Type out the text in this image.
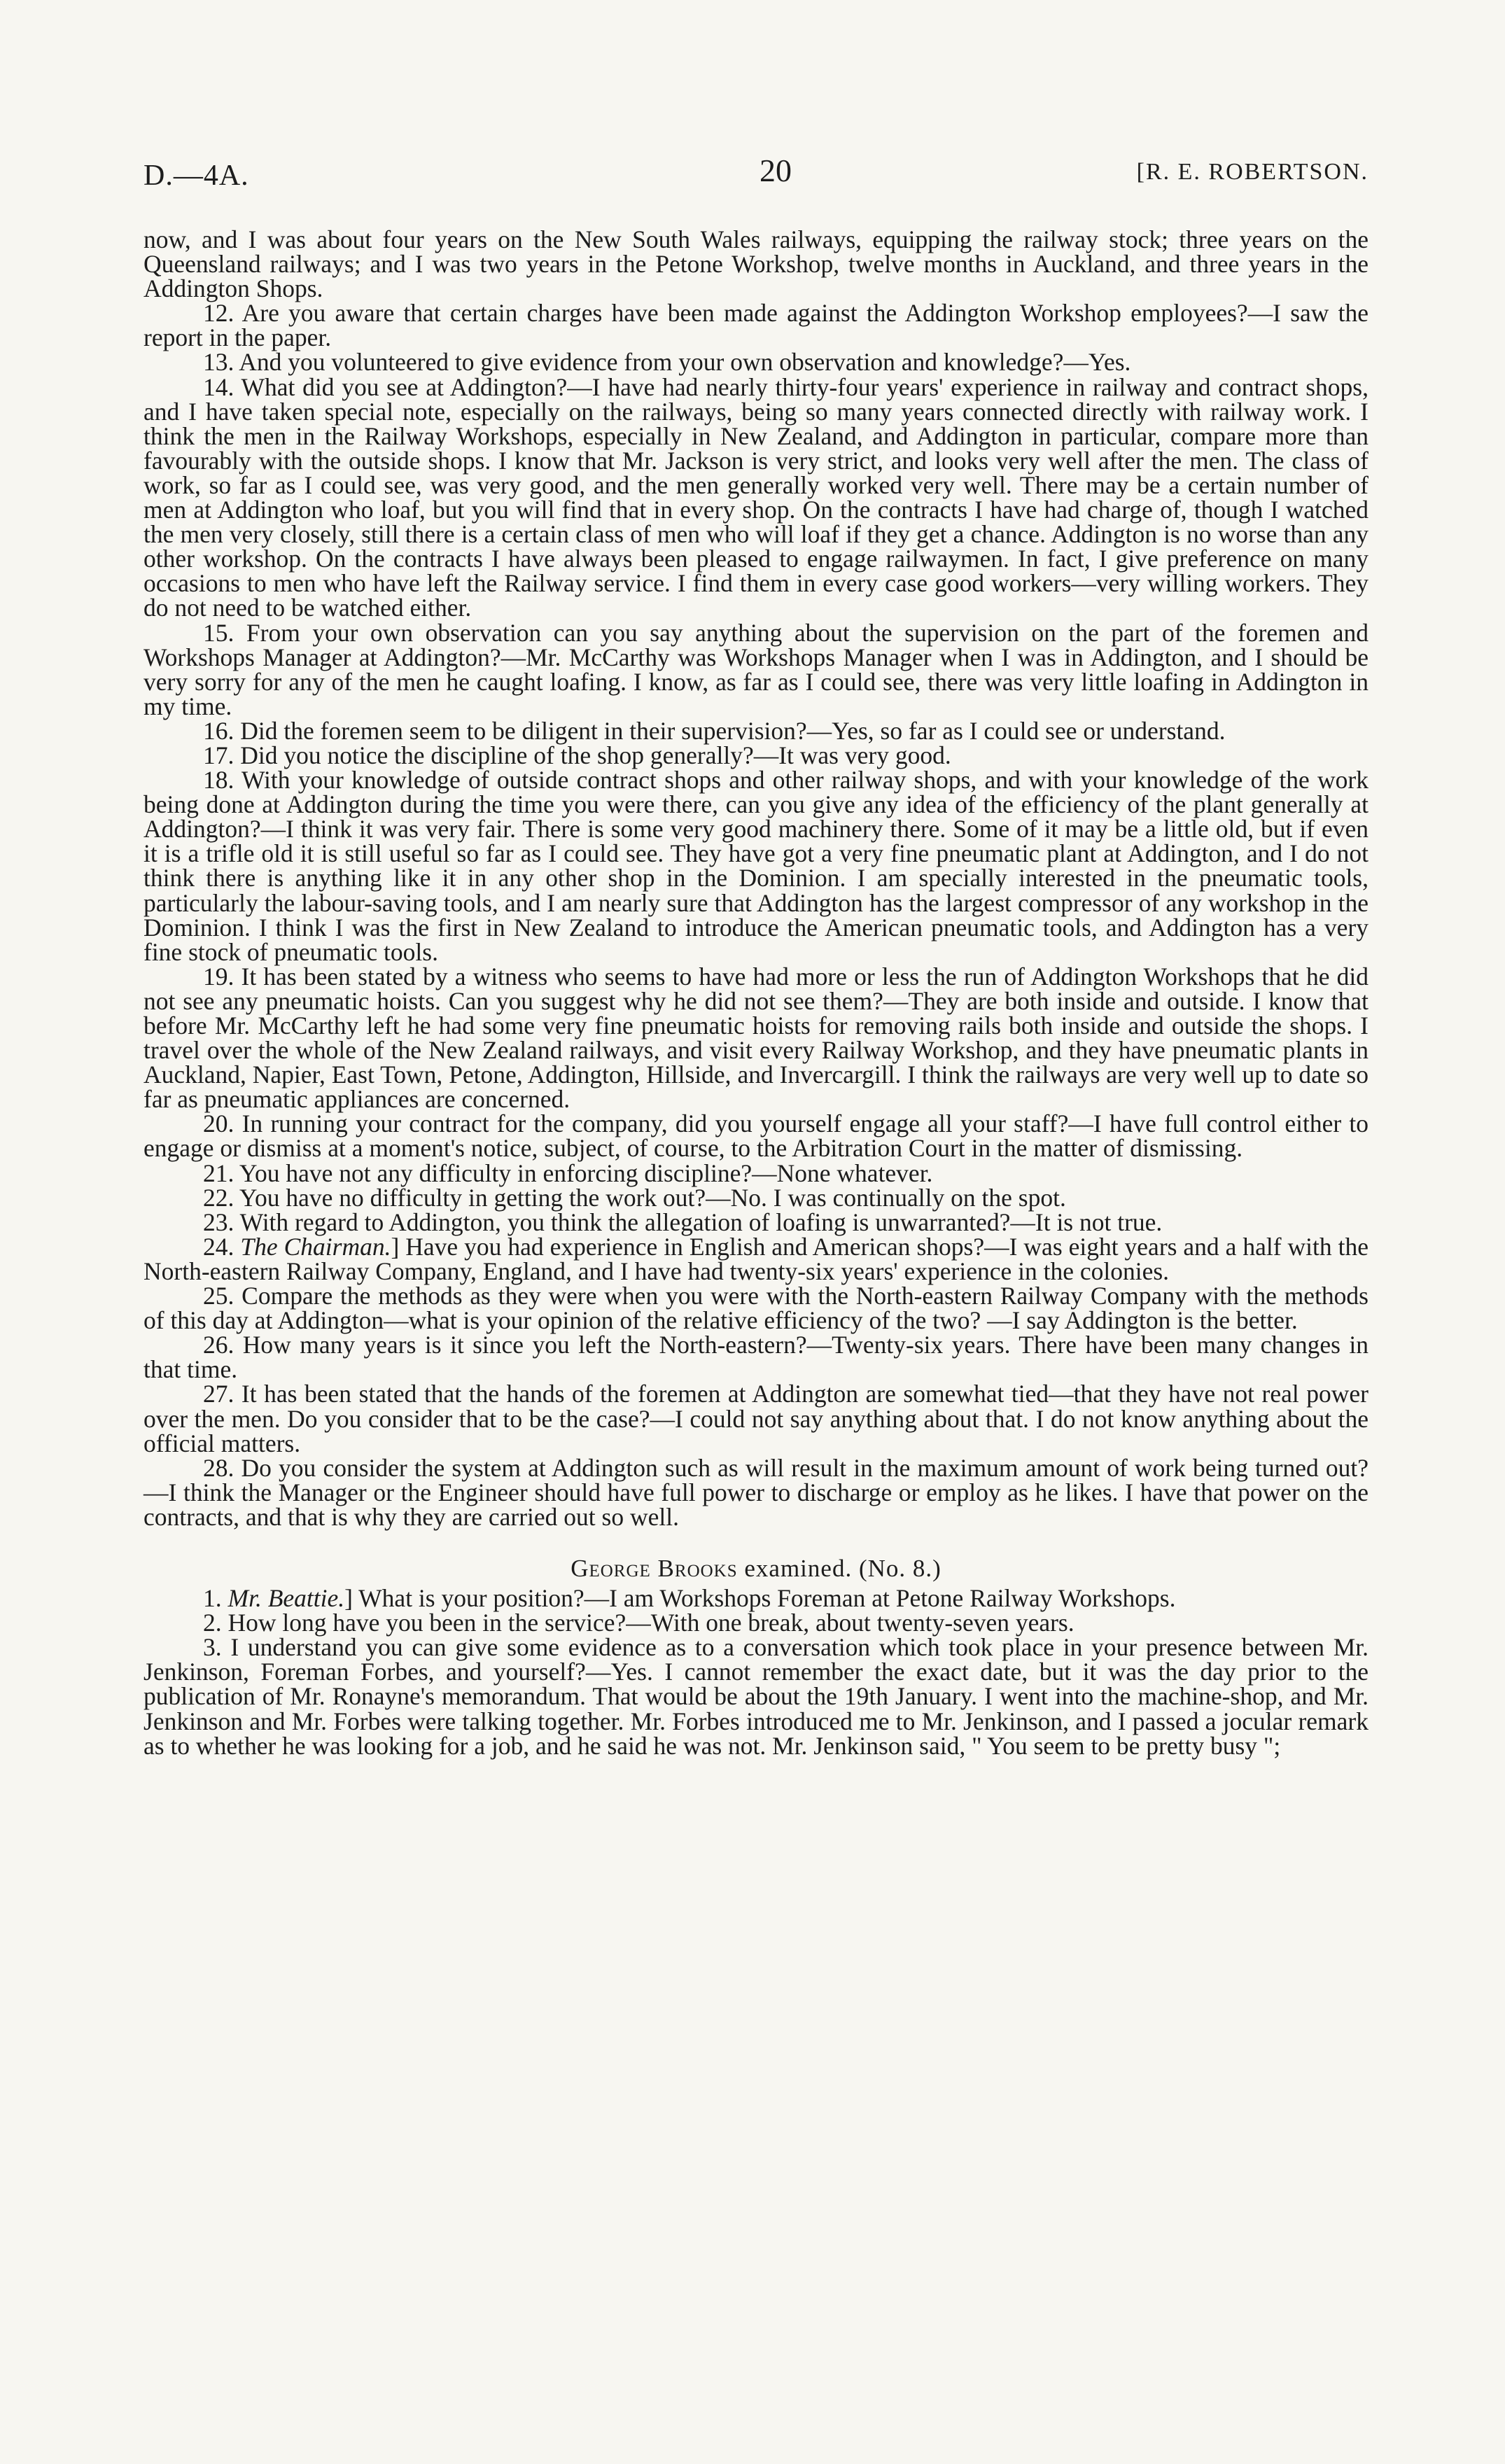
D.—4A.	20	[R. E. ROBERTSON.

now, and I was about four years on the New South Wales railways, equipping the railway stock; three years on the Queensland railways; and I was two years in the Petone Workshop, twelve months in Auckland, and three years in the Addington Shops.

12. Are you aware that certain charges have been made against the Addington Workshop employees?—I saw the report in the paper.

13. And you volunteered to give evidence from your own observation and knowledge?—Yes.

14. What did you see at Addington?—I have had nearly thirty-four years' experience in railway and contract shops, and I have taken special note, especially on the railways, being so many years connected directly with railway work. I think the men in the Railway Workshops, especially in New Zealand, and Addington in particular, compare more than favourably with the outside shops. I know that Mr. Jackson is very strict, and looks very well after the men. The class of work, so far as I could see, was very good, and the men generally worked very well. There may be a certain number of men at Addington who loaf, but you will find that in every shop. On the contracts I have had charge of, though I watched the men very closely, still there is a certain class of men who will loaf if they get a chance. Addington is no worse than any other workshop. On the contracts I have always been pleased to engage railwaymen. In fact, I give preference on many occasions to men who have left the Railway service. I find them in every case good workers—very willing workers. They do not need to be watched either.

15. From your own observation can you say anything about the supervision on the part of the foremen and Workshops Manager at Addington?—Mr. McCarthy was Workshops Manager when I was in Addington, and I should be very sorry for any of the men he caught loafing. I know, as far as I could see, there was very little loafing in Addington in my time.

16. Did the foremen seem to be diligent in their supervision?—Yes, so far as I could see or understand.

17. Did you notice the discipline of the shop generally?—It was very good.

18. With your knowledge of outside contract shops and other railway shops, and with your knowledge of the work being done at Addington during the time you were there, can you give any idea of the efficiency of the plant generally at Addington?—I think it was very fair. There is some very good machinery there. Some of it may be a little old, but if even it is a trifle old it is still useful so far as I could see. They have got a very fine pneumatic plant at Addington, and I do not think there is anything like it in any other shop in the Dominion. I am specially interested in the pneumatic tools, particularly the labour-saving tools, and I am nearly sure that Addington has the largest compressor of any workshop in the Dominion. I think I was the first in New Zealand to introduce the American pneumatic tools, and Addington has a very fine stock of pneumatic tools.

19. It has been stated by a witness who seems to have had more or less the run of Addington Workshops that he did not see any pneumatic hoists. Can you suggest why he did not see them?—They are both inside and outside. I know that before Mr. McCarthy left he had some very fine pneumatic hoists for removing rails both inside and outside the shops. I travel over the whole of the New Zealand railways, and visit every Railway Workshop, and they have pneumatic plants in Auckland, Napier, East Town, Petone, Addington, Hillside, and Invercargill. I think the railways are very well up to date so far as pneumatic appliances are concerned.

20. In running your contract for the company, did you yourself engage all your staff?—I have full control either to engage or dismiss at a moment's notice, subject, of course, to the Arbitration Court in the matter of dismissing.

21. You have not any difficulty in enforcing discipline?—None whatever.

22. You have no difficulty in getting the work out?—No. I was continually on the spot.

23. With regard to Addington, you think the allegation of loafing is unwarranted?—It is not true.

24. The Chairman.] Have you had experience in English and American shops?—I was eight years and a half with the North-eastern Railway Company, England, and I have had twenty-six years' experience in the colonies.

25. Compare the methods as they were when you were with the North-eastern Railway Company with the methods of this day at Addington—what is your opinion of the relative efficiency of the two? —I say Addington is the better.

26. How many years is it since you left the North-eastern?—Twenty-six years. There have been many changes in that time.

27. It has been stated that the hands of the foremen at Addington are somewhat tied—that they have not real power over the men. Do you consider that to be the case?—I could not say anything about that. I do not know anything about the official matters.

28. Do you consider the system at Addington such as will result in the maximum amount of work being turned out?—I think the Manager or the Engineer should have full power to discharge or employ as he likes. I have that power on the contracts, and that is why they are carried out so well.

George Brooks examined. (No. 8.)

1. Mr. Beattie.] What is your position?—I am Workshops Foreman at Petone Railway Workshops.

2. How long have you been in the service?—With one break, about twenty-seven years.

3. I understand you can give some evidence as to a conversation which took place in your presence between Mr. Jenkinson, Foreman Forbes, and yourself?—Yes. I cannot remember the exact date, but it was the day prior to the publication of Mr. Ronayne's memorandum. That would be about the 19th January. I went into the machine-shop, and Mr. Jenkinson and Mr. Forbes were talking together. Mr. Forbes introduced me to Mr. Jenkinson, and I passed a jocular remark as to whether he was looking for a job, and he said he was not. Mr. Jenkinson said, " You seem to be pretty busy ";
